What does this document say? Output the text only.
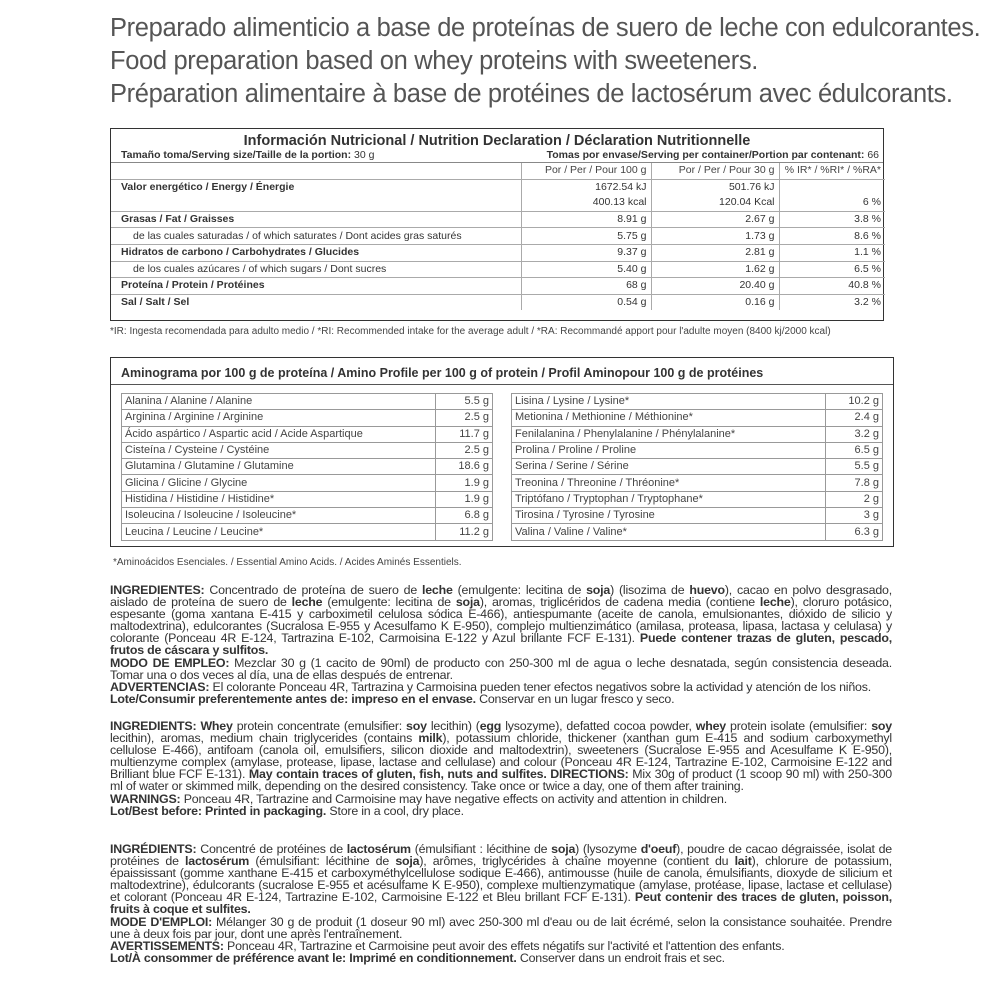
Preparado alimenticio a base de proteínas de suero de leche con edulcorantes.
Food preparation based on whey proteins with sweeteners.
Préparation alimentaire à base de protéines de lactosérum avec édulcorants.
Información Nutricional / Nutrition Declaration / Déclaration Nutritionnelle
Tamaño toma/Serving size/Taille de la portion: 30 g	Tomas por envase/Serving per container/Portion par contenant: 66
	Por / Per / Pour 100 g	Por / Per / Pour 30 g	% IR* / %RI* / %RA*
Valor energético / Energy / Énergie	1672.54 kJ	501.76 kJ	
	400.13 kcal	120.04 Kcal	6 %
Grasas / Fat / Graisses	8.91 g	2.67 g	3.8 %
de las cuales saturadas / of which saturates / Dont acides gras saturés	5.75 g	1.73 g	8.6 %
Hidratos de carbono / Carbohydrates / Glucides	9.37 g	2.81 g	1.1 %
de los cuales azúcares / of which sugars / Dont sucres	5.40 g	1.62 g	6.5 %
Proteína / Protein / Protéines	68 g	20.40 g	40.8 %
Sal / Salt / Sel	0.54 g	0.16 g	3.2 %
*IR: Ingesta recomendada para adulto medio / *RI: Recommended intake for the average adult / *RA: Recommandé apport pour l'adulte moyen (8400 kj/2000 kcal)
Aminograma por 100 g de proteína / Amino Profile per 100 g of protein / Profil Aminopour 100 g de protéines
Alanina / Alanine / Alanine	5.5 g
Arginina / Arginine / Arginine	2.5 g
Ácido aspártico / Aspartic acid / Acide Aspartique	11.7 g
Cisteína / Cysteine / Cystéine	2.5 g
Glutamina / Glutamine / Glutamine	18.6 g
Glicina / Glicine / Glycine	1.9 g
Histidina / Histidine / Histidine*	1.9 g
Isoleucina / Isoleucine / Isoleucine*	6.8 g
Leucina / Leucine / Leucine*	11.2 g
Lisina / Lysine / Lysine*	10.2 g
Metionina / Methionine / Méthionine*	2.4 g
Fenilalanina / Phenylalanine / Phénylalanine*	3.2 g
Prolina / Proline / Proline	6.5 g
Serina / Serine / Sérine	5.5 g
Treonina / Threonine / Thréonine*	7.8 g
Triptófano / Tryptophan / Tryptophane*	2 g
Tirosina / Tyrosine / Tyrosine	3 g
Valina / Valine / Valine*	6.3 g
*Aminoácidos Esenciales. / Essential Amino Acids. / Acides Aminés Essentiels.

INGREDIENTES: Concentrado de proteína de suero de leche (emulgente: lecitina de soja) (lisozima de huevo), cacao en polvo desgrasado, aislado de proteína de suero de leche (emulgente: lecitina de soja), aromas, triglicéridos de cadena media (contiene leche), cloruro potásico, espesante (goma xantana E-415 y carboximetil celulosa sódica E-466), antiespumante (aceite de canola, emulsionantes, dióxido de silicio y maltodextrina), edulcorantes (Sucralosa E-955 y Acesulfamo K E-950), complejo multienzimático (amilasa, proteasa, lipasa, lactasa y celulasa) y colorante (Ponceau 4R E-124, Tartrazina E-102, Carmoisina E-122 y Azul brillante FCF E-131). Puede contener trazas de gluten, pescado, frutos de cáscara y sulfitos.
MODO DE EMPLEO: Mezclar 30 g (1 cacito de 90ml) de producto con 250-300 ml de agua o leche desnatada, según consistencia deseada. Tomar una o dos veces al día, una de ellas después de entrenar.
ADVERTENCIAS: El colorante Ponceau 4R, Tartrazina y Carmoisina pueden tener efectos negativos sobre la actividad y atención de los niños.
Lote/Consumir preferentemente antes de: impreso en el envase. Conservar en un lugar fresco y seco.

INGREDIENTS: Whey protein concentrate (emulsifier: soy lecithin) (egg lysozyme), defatted cocoa powder, whey protein isolate (emulsifier: soy lecithin), aromas, medium chain triglycerides (contains milk), potassium chloride, thickener (xanthan gum E-415 and sodium carboxymethyl cellulose E-466), antifoam (canola oil, emulsifiers, silicon dioxide and maltodextrin), sweeteners (Sucralose E-955 and Acesulfame K E-950), multienzyme complex (amylase, protease, lipase, lactase and cellulase) and colour (Ponceau 4R E-124, Tartrazine E-102, Carmoisine E-122 and Brilliant blue FCF E-131). May contain traces of gluten, fish, nuts and sulfites. DIRECTIONS: Mix 30g of product (1 scoop 90 ml) with 250-300 ml of water or skimmed milk, depending on the desired consistency. Take once or twice a day, one of them after training.
WARNINGS: Ponceau 4R, Tartrazine and Carmoisine may have negative effects on activity and attention in children.
Lot/Best before: Printed in packaging. Store in a cool, dry place.

INGRÉDIENTS: Concentré de protéines de lactosérum (émulsifiant : lécithine de soja) (lysozyme d'oeuf), poudre de cacao dégraissée, isolat de protéines de lactosérum (émulsifiant: lécithine de soja), arômes, triglycérides à chaîne moyenne (contient du lait), chlorure de potassium, épaississant (gomme xanthane E-415 et carboxyméthylcellulose sodique E-466), antimousse (huile de canola, émulsifiants, dioxyde de silicium et maltodextrine), édulcorants (sucralose E-955 et acésulfame K E-950), complexe multienzymatique (amylase, protéase, lipase, lactase et cellulase) et colorant (Ponceau 4R E-124, Tartrazine E-102, Carmoisine E-122 et Bleu brillant FCF E-131). Peut contenir des traces de gluten, poisson, fruits à coque et sulfites.
MODE D'EMPLOI: Mélanger 30 g de produit (1 doseur 90 ml) avec 250-300 ml d'eau ou de lait écrémé, selon la consistance souhaitée. Prendre une à deux fois par jour, dont une après l'entraînement.
AVERTISSEMENTS: Ponceau 4R, Tartrazine et Carmoisine peut avoir des effets négatifs sur l'activité et l'attention des enfants.
Lot/À consommer de préférence avant le: Imprimé en conditionnement. Conserver dans un endroit frais et sec.
